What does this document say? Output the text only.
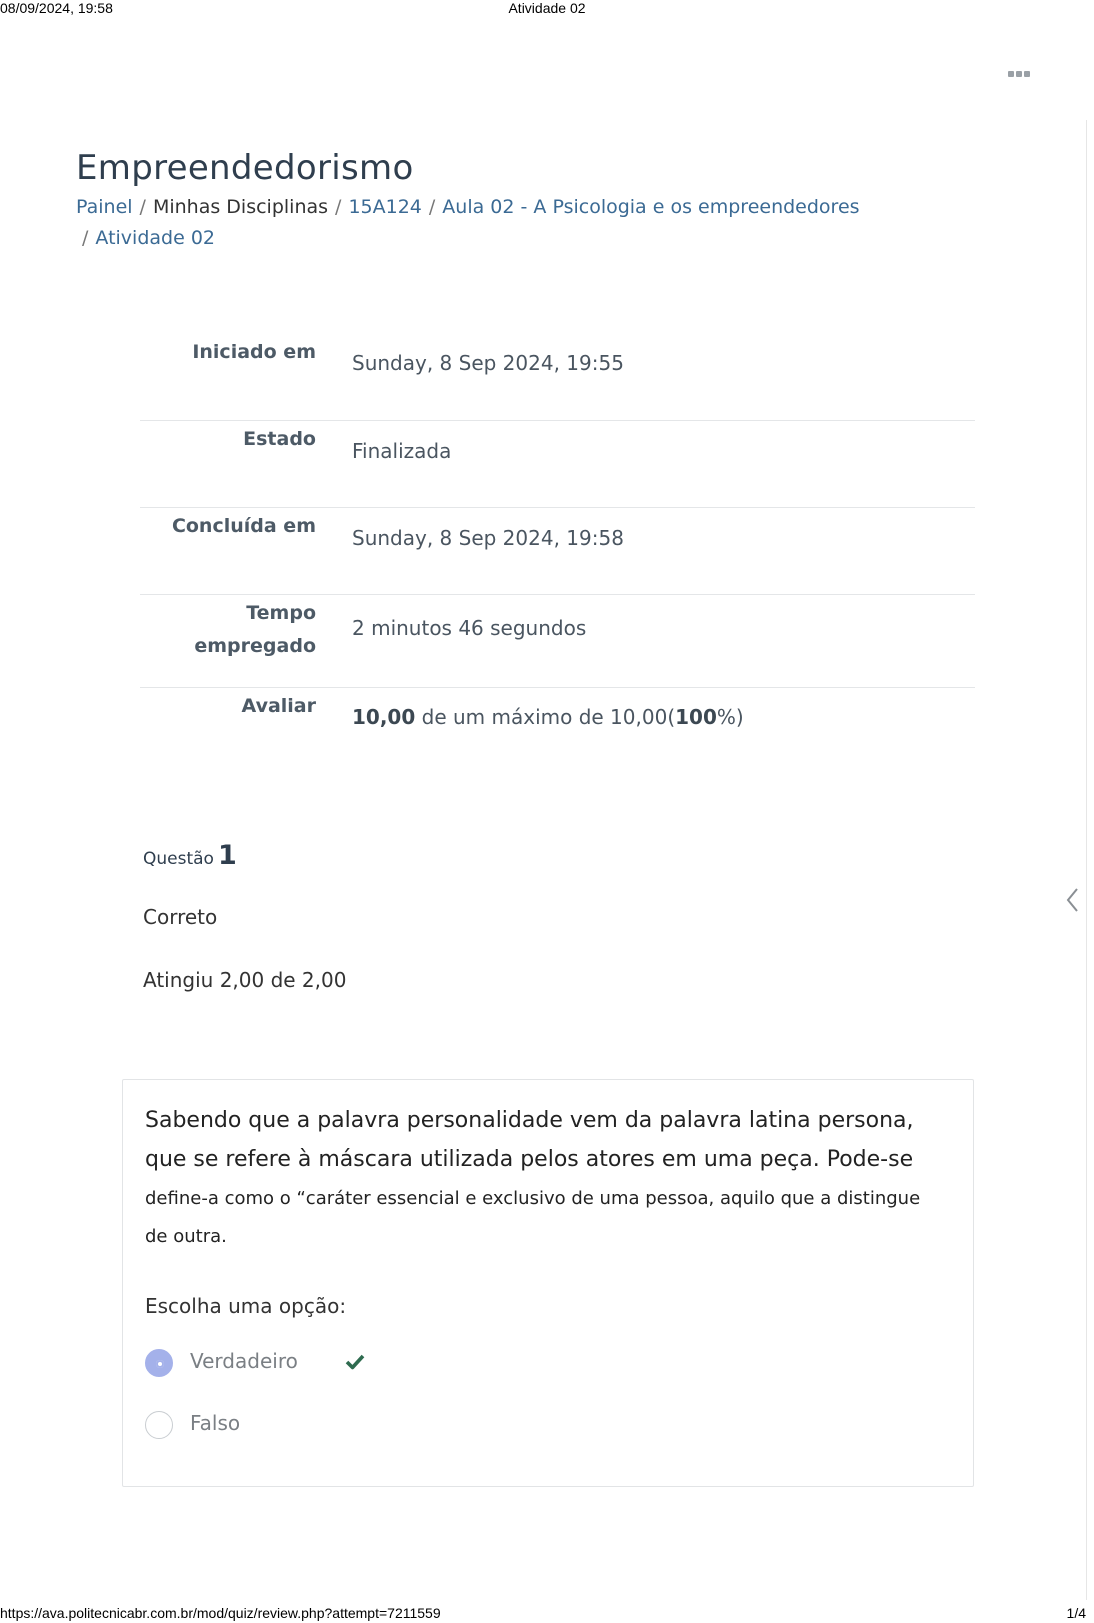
08/09/2024, 19:58	Atividade 02
Empreendedorismo
Painel / Minhas Disciplinas / 15A124 / Aula 02 - A Psicologia e os empreendedores
/ Atividade 02
Iniciado em Sunday, 8 Sep 2024, 19:55
Estado Finalizada
Concluída em Sunday, 8 Sep 2024, 19:58
Tempo
empregado
2 minutos 46 segundos
Avaliar 10,00 de um máximo de 10,00(100%)
Questão 1
Correto
Atingiu 2,00 de 2,00
Sabendo que a palavra personalidade vem da palavra latina persona, que se refere à máscara utilizada pelos atores em uma peça. Pode-se define-a como o “caráter essencial e exclusivo de uma pessoa, aquilo que a distingue de outra.
Escolha uma opção:
Verdadeiro
Falso
https://ava.politecnicabr.com.br/mod/quiz/review.php?attempt=7211559	1/4
